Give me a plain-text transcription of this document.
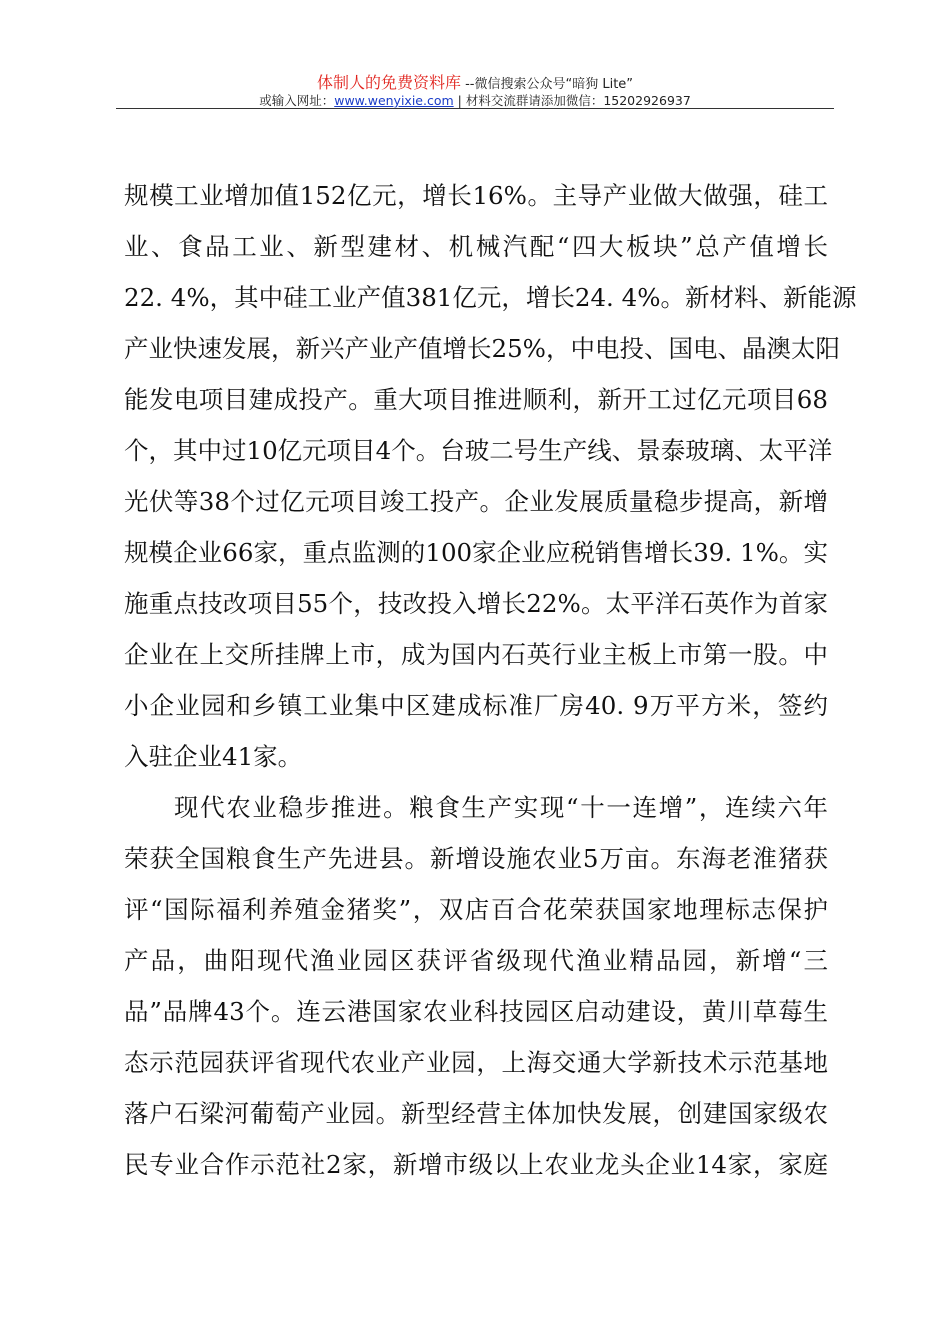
体制人的免费资料库 --微信搜索公众号“暗狗 Lite”
或输入网址：www.wenyixie.com | 材料交流群请添加微信：15202926937
规模工业增加值152亿元，增长16%。主导产业做大做强，硅工
业、食品工业、新型建材、机械汽配“四大板块”总产值增长
22. 4%，其中硅工业产值381亿元，增长24. 4%。新材料、新能源
产业快速发展，新兴产业产值增长25%，中电投、国电、晶澳太阳
能发电项目建成投产。重大项目推进顺利，新开工过亿元项目68
个，其中过10亿元项目4个。台玻二号生产线、景泰玻璃、太平洋
光伏等38个过亿元项目竣工投产。企业发展质量稳步提高，新增
规模企业66家，重点监测的100家企业应税销售增长39. 1%。实
施重点技改项目55个，技改投入增长22%。太平洋石英作为首家
企业在上交所挂牌上市，成为国内石英行业主板上市第一股。中
小企业园和乡镇工业集中区建成标准厂房40. 9万平方米，签约
入驻企业41家。
现代农业稳步推进。粮食生产实现“十一连增”，连续六年
荣获全国粮食生产先进县。新增设施农业5万亩。东海老淮猪获
评“国际福利养殖金猪奖”，双店百合花荣获国家地理标志保护
产品，曲阳现代渔业园区获评省级现代渔业精品园，新增“三
品”品牌43个。连云港国家农业科技园区启动建设，黄川草莓生
态示范园获评省现代农业产业园，上海交通大学新技术示范基地
落户石梁河葡萄产业园。新型经营主体加快发展，创建国家级农
民专业合作示范社2家，新增市级以上农业龙头企业14家，家庭
